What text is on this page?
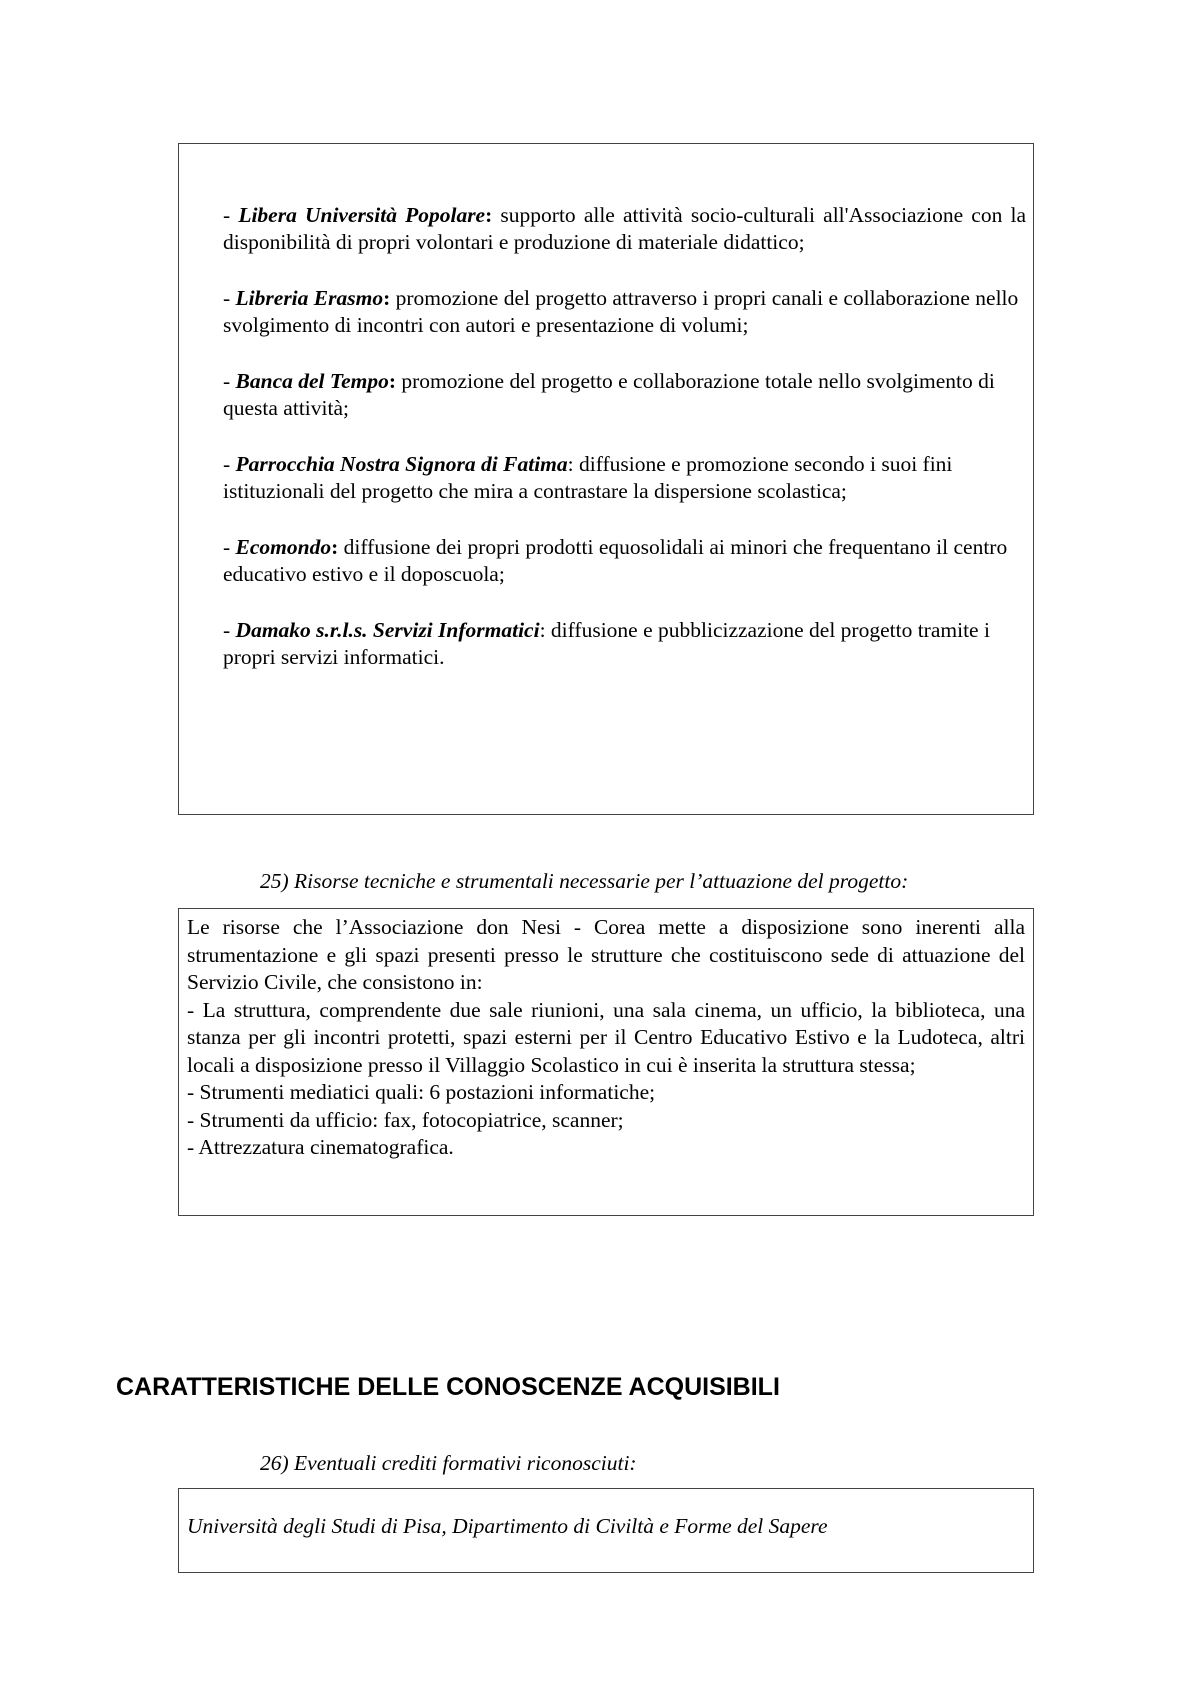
- Libera Università Popolare: supporto alle attività socio-culturali all'Associazione con la disponibilità di propri volontari e produzione di materiale didattico;

- Libreria Erasmo: promozione del progetto attraverso i propri canali e collaborazione nello svolgimento di incontri con autori e presentazione di volumi;

- Banca del Tempo: promozione del progetto e collaborazione totale nello svolgimento di questa attività;

- Parrocchia Nostra Signora di Fatima: diffusione e promozione secondo i suoi fini istituzionali del progetto che mira a contrastare la dispersione scolastica;

- Ecomondo: diffusione dei propri prodotti equosolidali ai minori che frequentano il centro educativo estivo e il doposcuola;

- Damako s.r.l.s. Servizi Informatici: diffusione e pubblicizzazione del progetto tramite i propri servizi informatici.

25) Risorse tecniche e strumentali necessarie per l’attuazione del progetto:

Le risorse che l’Associazione don Nesi - Corea mette a disposizione sono inerenti alla strumentazione e gli spazi presenti presso le strutture che costituiscono sede di attuazione del Servizio Civile, che consistono in:

- La struttura, comprendente due sale riunioni, una sala cinema, un ufficio, la biblioteca, una stanza per gli incontri protetti, spazi esterni per il Centro Educativo Estivo e la Ludoteca, altri locali a disposizione presso il Villaggio Scolastico in cui è inserita la struttura stessa;

- Strumenti mediatici quali: 6 postazioni informatiche;

- Strumenti da ufficio: fax, fotocopiatrice, scanner;

- Attrezzatura cinematografica.

CARATTERISTICHE DELLE CONOSCENZE ACQUISIBILI
26) Eventuali crediti formativi riconosciuti:
Università degli Studi di Pisa, Dipartimento di Civiltà e Forme del Sapere
